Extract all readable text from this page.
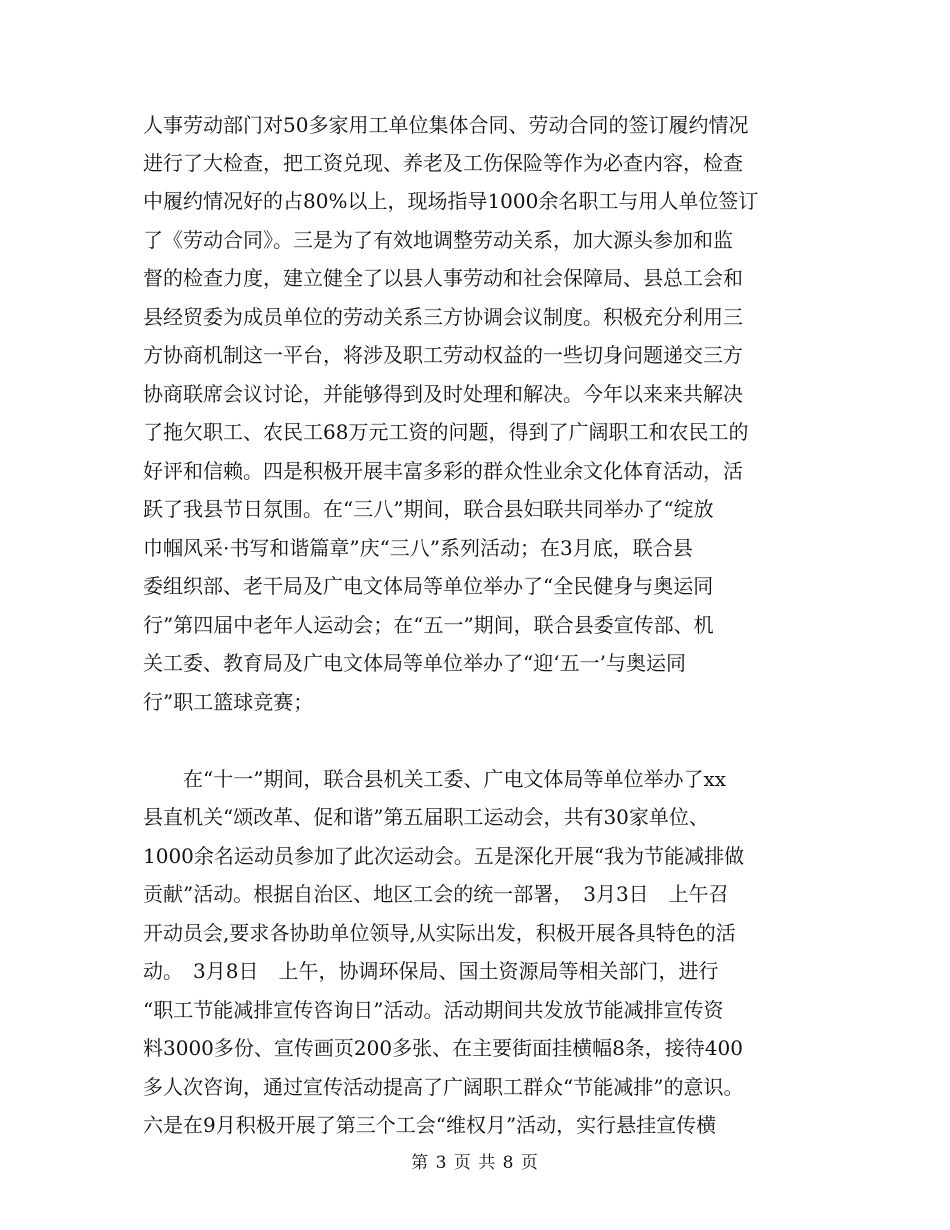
人事劳动部门对50多家用工单位集体合同、劳动合同的签订履约情况
进行了大检查，把工资兑现、养老及工伤保险等作为必查内容，检查
中履约情况好的占80%以上，现场指导1000余名职工与用人单位签订
了《劳动合同》。三是为了有效地调整劳动关系，加大源头参加和监
督的检查力度，建立健全了以县人事劳动和社会保障局、县总工会和
县经贸委为成员单位的劳动关系三方协调会议制度。积极充分利用三
方协商机制这一平台，将涉及职工劳动权益的一些切身问题递交三方
协商联席会议讨论，并能够得到及时处理和解决。今年以来来共解决
了拖欠职工、农民工68万元工资的问题，得到了广阔职工和农民工的
好评和信赖。四是积极开展丰富多彩的群众性业余文化体育活动，活
跃了我县节日氛围。在“三八”期间，联合县妇联共同举办了“绽放
巾帼风采·书写和谐篇章”庆“三八”系列活动；在3月底，联合县
委组织部、老干局及广电文体局等单位举办了“全民健身与奥运同
行”第四届中老年人运动会；在“五一”期间，联合县委宣传部、机
关工委、教育局及广电文体局等单位举办了“迎‘五一’与奥运同
行”职工篮球竞赛；
　　在“十一”期间，联合县机关工委、广电文体局等单位举办了xx
县直机关“颂改革、促和谐”第五届职工运动会，共有30家单位、
1000余名运动员参加了此次运动会。五是深化开展“我为节能减排做
贡献”活动。根据自治区、地区工会的统一部署，　3月3日　上午召
开动员会,要求各协助单位领导,从实际出发，积极开展各具特色的活
动。　3月8日　上午，协调环保局、国土资源局等相关部门，进行
“职工节能减排宣传咨询日”活动。活动期间共发放节能减排宣传资
料3000多份、宣传画页200多张、在主要街面挂横幅8条，接待400
多人次咨询，通过宣传活动提高了广阔职工群众“节能减排”的意识。
六是在9月积极开展了第三个工会“维权月”活动，实行悬挂宣传横
第 3 页 共 8 页
